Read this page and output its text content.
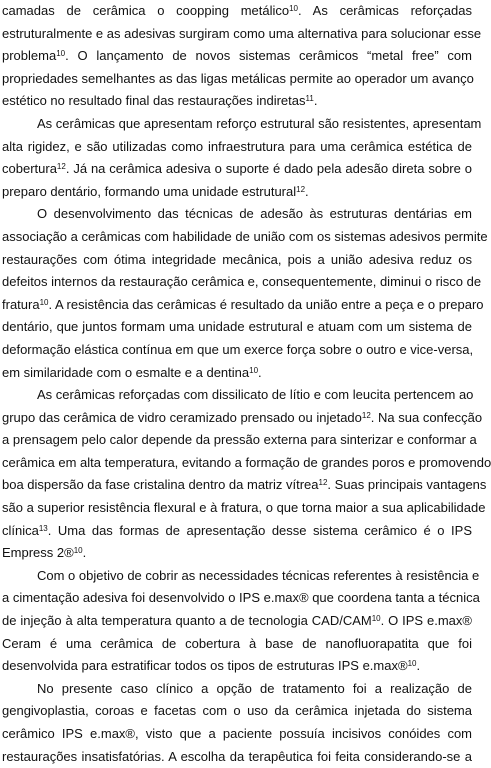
camadas de cerâmica o coopping metálico$^{10}$. As cerâmicas reforçadas
estruturalmente e as adesivas surgiram como uma alternativa para solucionar esse
problema$^{10}$. O lançamento de novos sistemas cerâmicos “metal free” com
propriedades semelhantes as das ligas metálicas permite ao operador um avanço
estético no resultado final das restaurações indiretas$^{11}$.
As cerâmicas que apresentam reforço estrutural são resistentes, apresentam
alta rigidez, e são utilizadas como infraestrutura para uma cerâmica estética de
cobertura$^{12}$. Já na cerâmica adesiva o suporte é dado pela adesão direta sobre o
preparo dentário, formando uma unidade estrutural$^{12}$.
O desenvolvimento das técnicas de adesão às estruturas dentárias em
associação a cerâmicas com habilidade de união com os sistemas adesivos permite
restaurações com ótima integridade mecânica, pois a união adesiva reduz os
defeitos internos da restauração cerâmica e, consequentemente, diminui o risco de
fratura$^{10}$. A resistência das cerâmicas é resultado da união entre a peça e o preparo
dentário, que juntos formam uma unidade estrutural e atuam com um sistema de
deformação elástica contínua em que um exerce força sobre o outro e vice-versa,
em similaridade com o esmalte e a dentina$^{10}$.
As cerâmicas reforçadas com dissilicato de lítio e com leucita pertencem ao
grupo das cerâmica de vidro ceramizado prensado ou injetado$^{12}$. Na sua confecção
a prensagem pelo calor depende da pressão externa para sinterizar e conformar a
cerâmica em alta temperatura, evitando a formação de grandes poros e promovendo
boa dispersão da fase cristalina dentro da matriz vítrea$^{12}$. Suas principais vantagens
são a superior resistência flexural e à fratura, o que torna maior a sua aplicabilidade
clínica$^{13}$. Uma das formas de apresentação desse sistema cerâmico é o IPS
Empress 2®$^{10}$.
Com o objetivo de cobrir as necessidades técnicas referentes à resistência e
a cimentação adesiva foi desenvolvido o IPS e.max® que coordena tanta a técnica
de injeção à alta temperatura quanto a de tecnologia CAD/CAM$^{10}$. O IPS e.max®
Ceram é uma cerâmica de cobertura à base de nanofluorapatita que foi
desenvolvida para estratificar todos os tipos de estruturas IPS e.max®$^{10}$.
No presente caso clínico a opção de tratamento foi a realização de
gengivoplastia, coroas e facetas com o uso da cerâmica injetada do sistema
cerâmico IPS e.max®, visto que a paciente possuía incisivos conóides com
restaurações insatisfatórias. A escolha da terapêutica foi feita considerando-se a
